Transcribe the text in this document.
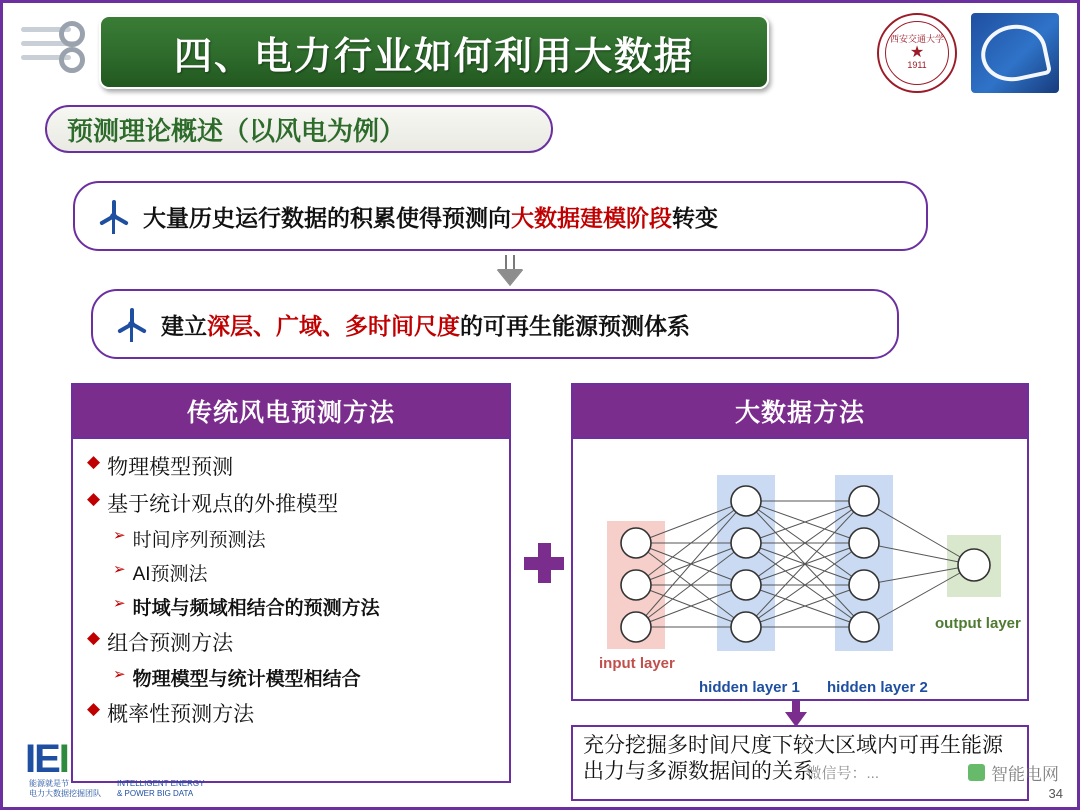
四、电力行业如何利用大数据	西安交通大学
★
1911
预测理论概述（以风电为例）
大量历史运行数据的积累使得预测向大数据建模阶段转变
建立深层、广域、多时间尺度的可再生能源预测体系
传统风电预测方法
◆ 物理模型预测
◆ 基于统计观点的外推模型
➢ 时间序列预测法
➢ AI预测法
➢ 时域与频域相结合的预测方法
◆ 组合预测方法
➢ 物理模型与统计模型相结合
◆ 概率性预测方法
大数据方法
input layer
hidden layer 1 hidden layer 2
output layer
充分挖掘多时间尺度下较大区域内可再生能源出力与多源数据间的关系
IEI
能源就是节
电力大数据挖掘团队
INTELLIGENT ENERGY
& POWER BIG DATA
微信号：...	智能电网
34
